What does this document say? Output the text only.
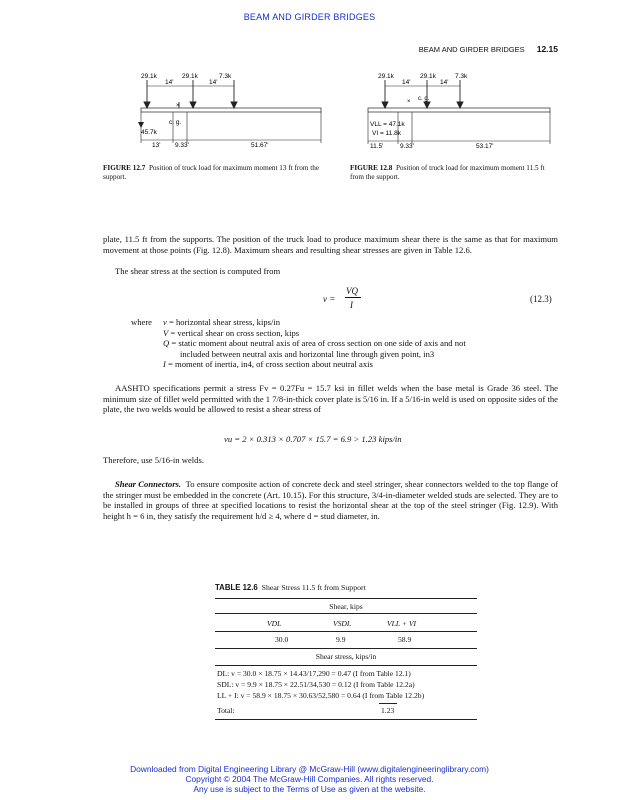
BEAM AND GIRDER BRIDGES
BEAM AND GIRDER BRIDGES 12.15
29.1k	29.1k	7.3k
14'	14'
×
c. g.
45.7k
13' 9.33'	51.67'
FIGURE 12.7 Position of truck load for maximum moment 13 ft from the support.
29.1k	29.1k	7.3k
14'	14'
× c. g.
VLL = 47.1k
VI = 11.8k
11.5'	9.33'	53.17'
FIGURE 12.8 Position of truck load for maximum moment 11.5 ft from the support.
plate, 11.5 ft from the supports. The position of the truck load to produce maximum shear there is the same as that for maximum movement at those points (Fig. 12.8). Maximum shears and resulting shear stresses are given in Table 12.6.
The shear stress at the section is computed from
v =
VQ
I
(12.3)
where v = horizontal shear stress, kips/in
V = vertical shear on cross section, kips
Q = static moment about neutral axis of area of cross section on one side of axis and not
included between neutral axis and horizontal line through given point, in3
I = moment of inertia, in4, of cross section about neutral axis
AASHTO specifications permit a stress Fv = 0.27Fu = 15.7 ksi in fillet welds when the base metal is Grade 36 steel. The minimum size of fillet weld permitted with the 1 7/8-in-thick cover plate is 5/16 in. If a 5/16-in weld is used on opposite sides of the plate, the two welds would be allowed to resist a shear stress of
vu = 2 × 0.313 × 0.707 × 15.7 = 6.9 > 1.23 kips/in
Therefore, use 5/16-in welds.
Shear Connectors. To ensure composite action of concrete deck and steel stringer, shear connectors welded to the top flange of the stringer must be embedded in the concrete (Art. 10.15). For this structure, 3/4-in-diameter welded studs are selected. They are to be installed in groups of three at specified locations to resist the horizontal shear at the top of the steel stringer (Fig. 12.9). With height h = 6 in, they satisfy the requirement h/d ≥ 4, where d = stud diameter, in.
TABLE 12.6 Shear Stress 11.5 ft from Support
Shear, kips
VDL	VSDL	VLL + VI
30.0	9.9	58.9
Shear stress, kips/in
DL: v = 30.0 × 18.75 × 14.43/17,290 = 0.47 (I from Table 12.1)
SDL: v = 9.9 × 18.75 × 22.51/34,530 = 0.12 (I from Table 12.2a)
LL + I: v = 58.9 × 18.75 × 30.63/52,580 = 0.64 (I from Table 12.2b)
Total:	1.23
Downloaded from Digital Engineering Library @ McGraw-Hill (www.digitalengineeringlibrary.com)
Copyright © 2004 The McGraw-Hill Companies. All rights reserved.
Any use is subject to the Terms of Use as given at the website.
